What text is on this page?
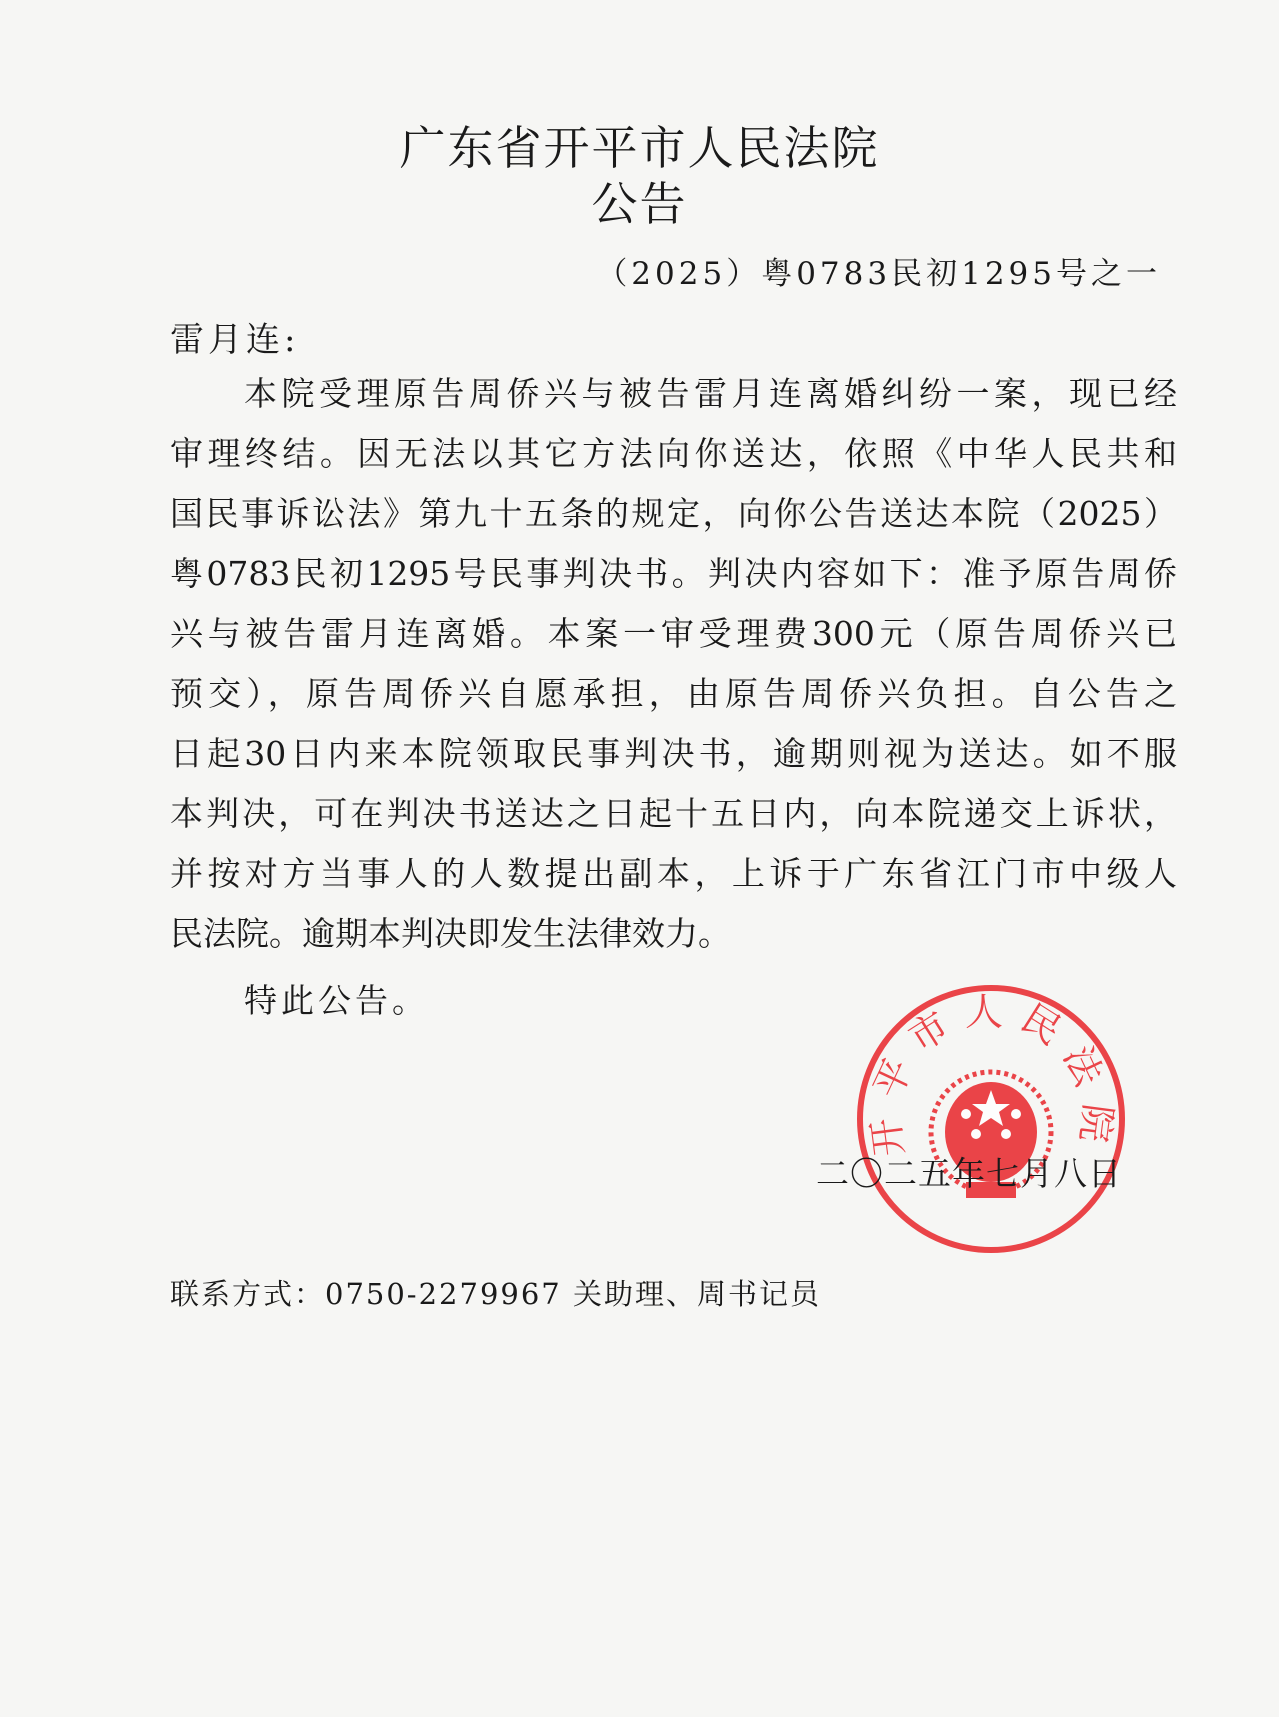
广东省开平市人民法院
公告
（2025）粤0783民初1295号之一
雷月连:
本院受理原告周侨兴与被告雷月连离婚纠纷一案，现已经
审理终结。因无法以其它方法向你送达，依照《中华人民共和
国民事诉讼法》第九十五条的规定，向你公告送达本院（2025）
粤0783民初1295号民事判决书。判决内容如下：准予原告周侨
兴与被告雷月连离婚。本案一审受理费300元（原告周侨兴已
预交），原告周侨兴自愿承担，由原告周侨兴负担。自公告之
日起30日内来本院领取民事判决书，逾期则视为送达。如不服
本判决，可在判决书送达之日起十五日内，向本院递交上诉状，
并按对方当事人的人数提出副本，上诉于广东省江门市中级人
民法院。逾期本判决即发生法律效力。
特此公告。
开平市人民法院
二〇二五年七月八日
联系方式：0750-2279967 关助理、周书记员
